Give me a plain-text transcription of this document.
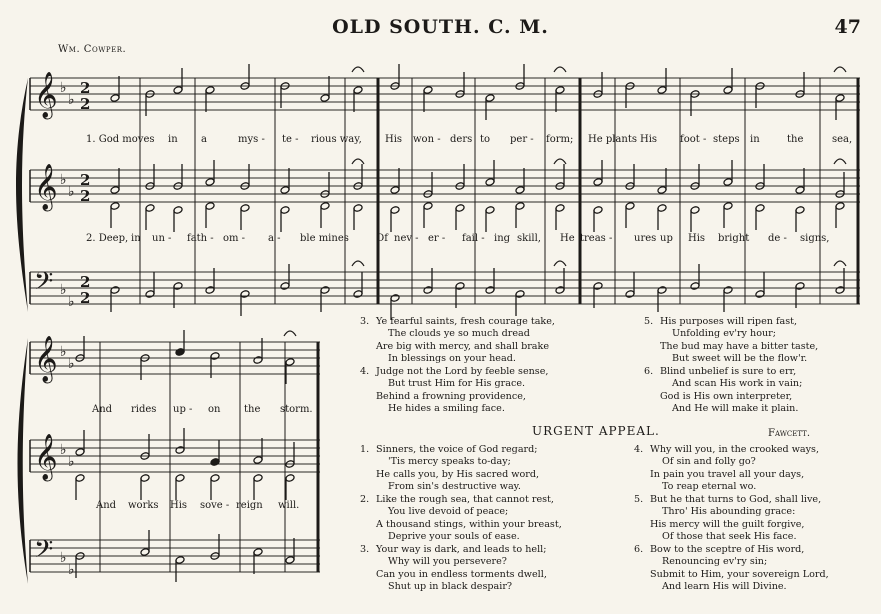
OLD SOUTH. C. M.	47
Wm. Cowper.
𝄞 ♭
♭
2
2
𝄞 ♭
♭
2
2
𝄢 ♭
♭
2
2
𝄞 ♭
♭
𝄞 ♭
♭
𝄢 ♭
♭
1. God moves in a	mys - te - rious way, His won - ders to per - form; He plants His foot - steps in	the	sea,
2. Deep, in un - fath - om - a - ble mines	Of nev - er - fail - ing skill, He treas - ures up His bright de - signs,
And rides up - on the storm.
And works His sove - reign will.
3. Ye fearful saints, fresh courage take,
The clouds ye so much dread
Are big with mercy, and shall brake
In blessings on your head.
4. Judge not the Lord by feeble sense,
But trust Him for His grace.
Behind a frowning providence,
He hides a smiling face.
5. His purposes will ripen fast,
Unfolding ev'ry hour;
The bud may have a bitter taste,
But sweet will be the flow'r.
6. Blind unbelief is sure to err,
And scan His work in vain;
God is His own interpreter,
And He will make it plain.
URGENT APPEAL.	Fawcett.
1. Sinners, the voice of God regard;
'Tis mercy speaks to-day;
He calls you, by His sacred word,
From sin's destructive way.
2. Like the rough sea, that cannot rest,
You live devoid of peace;
A thousand stings, within your breast,
Deprive your souls of ease.
3. Your way is dark, and leads to hell;
Why will you persevere?
Can you in endless torments dwell,
Shut up in black despair?
4. Why will you, in the crooked ways,
Of sin and folly go?
In pain you travel all your days,
To reap eternal wo.
5. But he that turns to God, shall live,
Thro' His abounding grace:
His mercy will the guilt forgive,
Of those that seek His face.
6. Bow to the sceptre of His word,
Renouncing ev'ry sin;
Submit to Him, your sovereign Lord,
And learn His will Divine.
